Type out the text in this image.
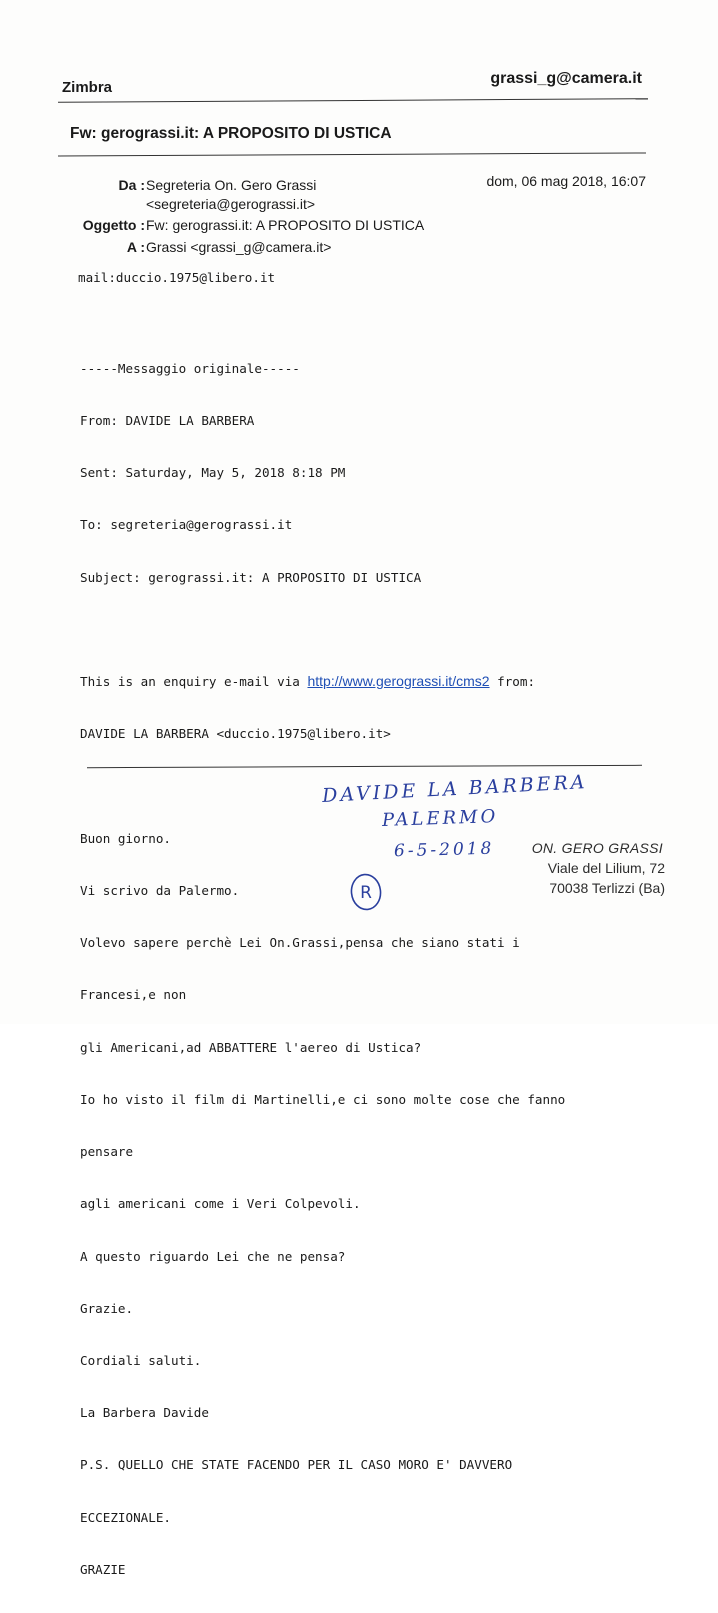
Zimbra
grassi_g@camera.it
Fw: gerograssi.it: A PROPOSITO DI USTICA
dom, 06 mag 2018, 16:07
Da : Segreteria On. Gero Grassi
<segreteria@gerograssi.it>
Oggetto : Fw: gerograssi.it: A PROPOSITO DI USTICA
A : Grassi <grassi_g@camera.it>
mail:duccio.1975@libero.it

-----Messaggio originale-----

From: DAVIDE LA BARBERA

Sent: Saturday, May 5, 2018 8:18 PM

To: segreteria@gerograssi.it

Subject: gerograssi.it: A PROPOSITO DI USTICA

This is an enquiry e-mail via http://www.gerograssi.it/cms2 from:

DAVIDE LA BARBERA <duccio.1975@libero.it>

Buon giorno.

Vi scrivo da Palermo.

Volevo sapere perchè Lei On.Grassi,pensa che siano stati i

Francesi,e non

gli Americani,ad ABBATTERE l'aereo di Ustica?

Io ho visto il film di Martinelli,e ci sono molte cose che fanno

pensare

agli americani come i Veri Colpevoli.

A questo riguardo Lei che ne pensa?

Grazie.

Cordiali saluti.

La Barbera Davide

P.S. QUELLO CHE STATE FACENDO PER IL CASO MORO E' DAVVERO

ECCEZIONALE.

GRAZIE

DAVIDE LA BARBERA
PALERMO
6-5-2018
R
ON. GERO GRASSI
Viale del Lilium, 72
70038 Terlizzi (Ba)
